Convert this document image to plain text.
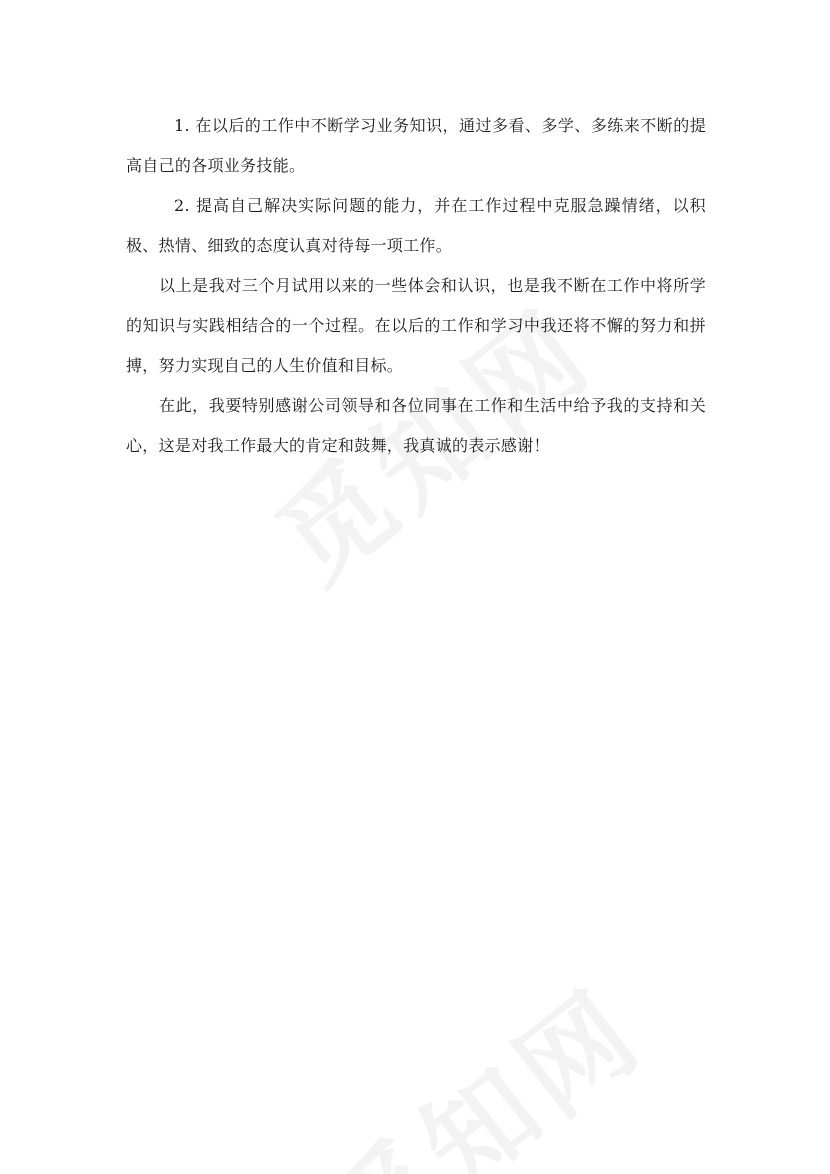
1. 在以后的工作中不断学习业务知识，通过多看、多学、多练来不断的提高自己的各项业务技能。

2. 提高自己解决实际问题的能力，并在工作过程中克服急躁情绪，以积极、热情、细致的态度认真对待每一项工作。

以上是我对三个月试用以来的一些体会和认识，也是我不断在工作中将所学的知识与实践相结合的一个过程。在以后的工作和学习中我还将不懈的努力和拼搏，努力实现自己的人生价值和目标。

在此，我要特别感谢公司领导和各位同事在工作和生活中给予我的支持和关心，这是对我工作最大的肯定和鼓舞，我真诚的表示感谢！
